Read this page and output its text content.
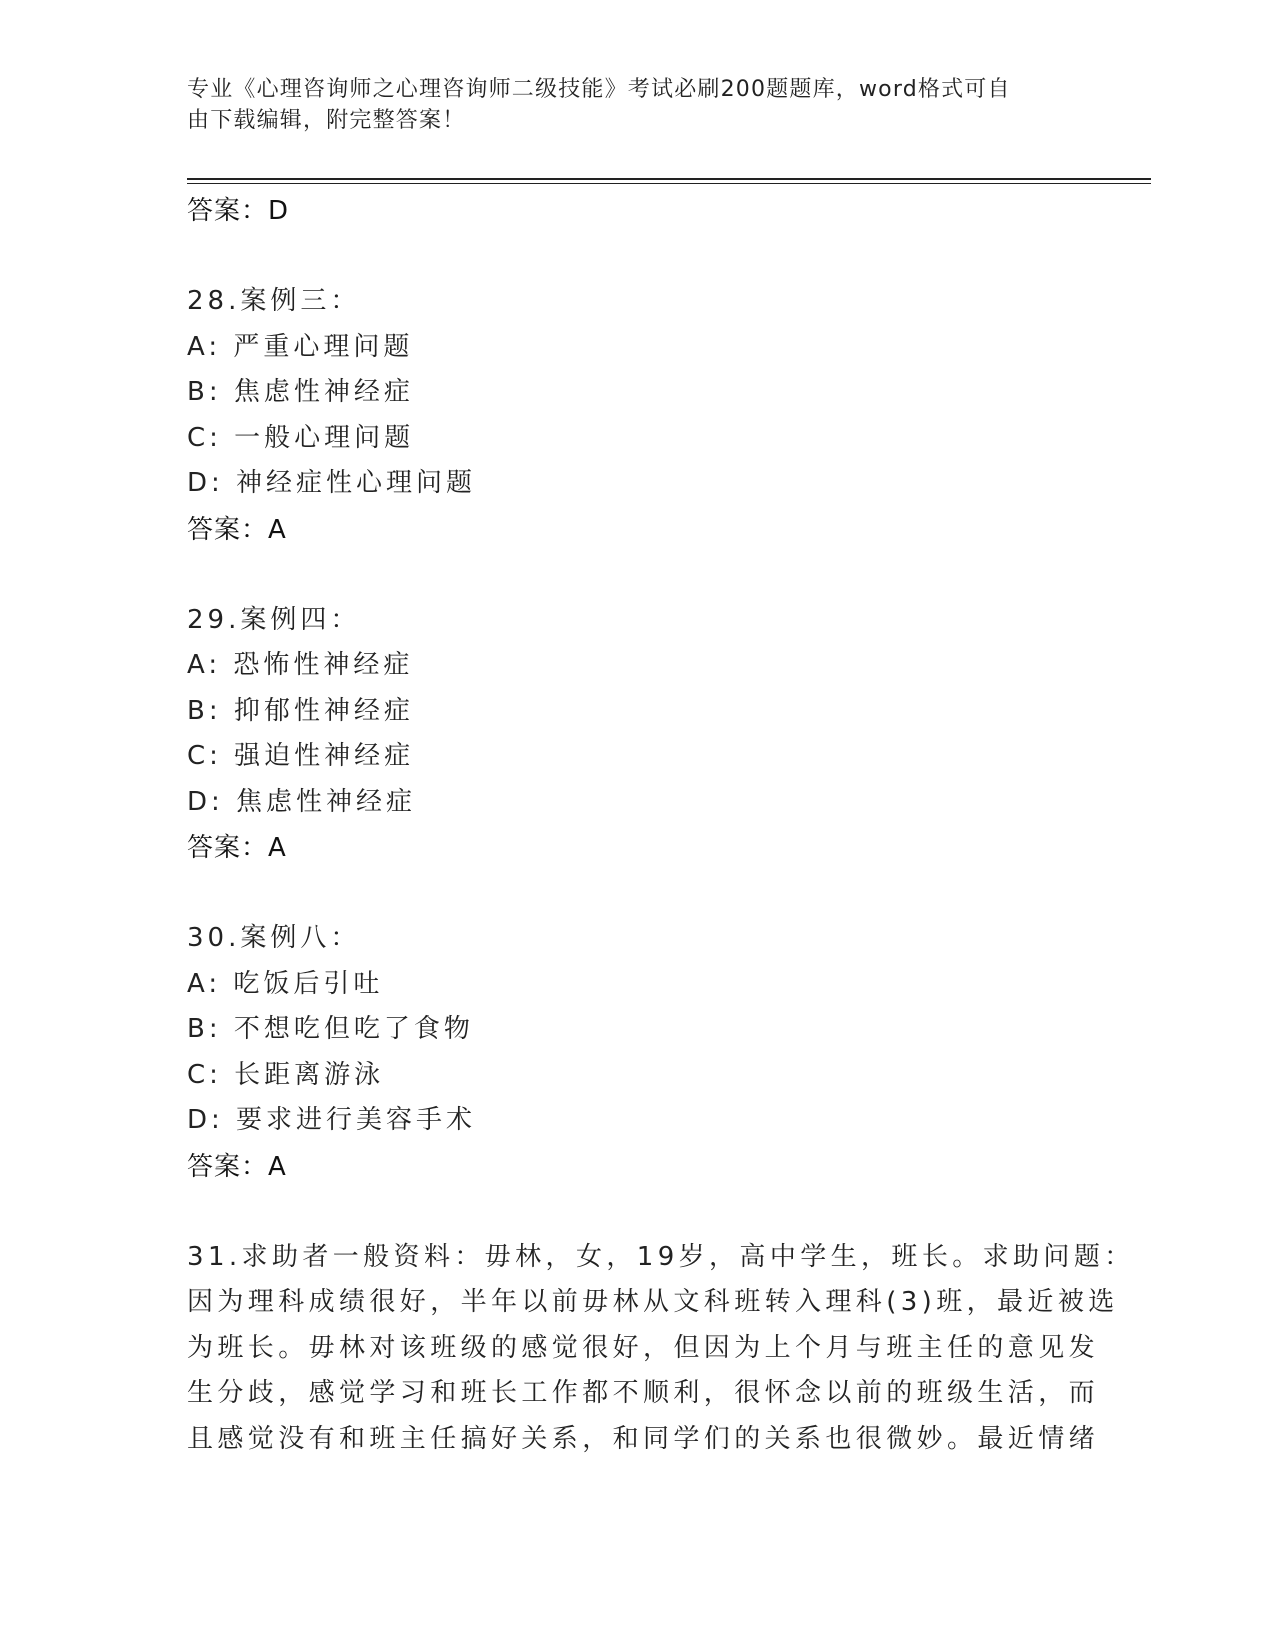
专业《心理咨询师之心理咨询师二级技能》考试必刷200题题库，word格式可自
由下载编辑，附完整答案！
答案：D
28.案例三：
A: 严重心理问题
B: 焦虑性神经症
C: 一般心理问题
D: 神经症性心理问题
答案：A
29.案例四：
A: 恐怖性神经症
B: 抑郁性神经症
C: 强迫性神经症
D: 焦虑性神经症
答案：A
30.案例八：
A: 吃饭后引吐
B: 不想吃但吃了食物
C: 长距离游泳
D: 要求进行美容手术
答案：A
31.求助者一般资料：毋林，女，19岁，高中学生，班长。求助问题：
因为理科成绩很好，半年以前毋林从文科班转入理科(3)班，最近被选
为班长。毋林对该班级的感觉很好，但因为上个月与班主任的意见发
生分歧，感觉学习和班长工作都不顺利，很怀念以前的班级生活，而
且感觉没有和班主任搞好关系，和同学们的关系也很微妙。最近情绪
